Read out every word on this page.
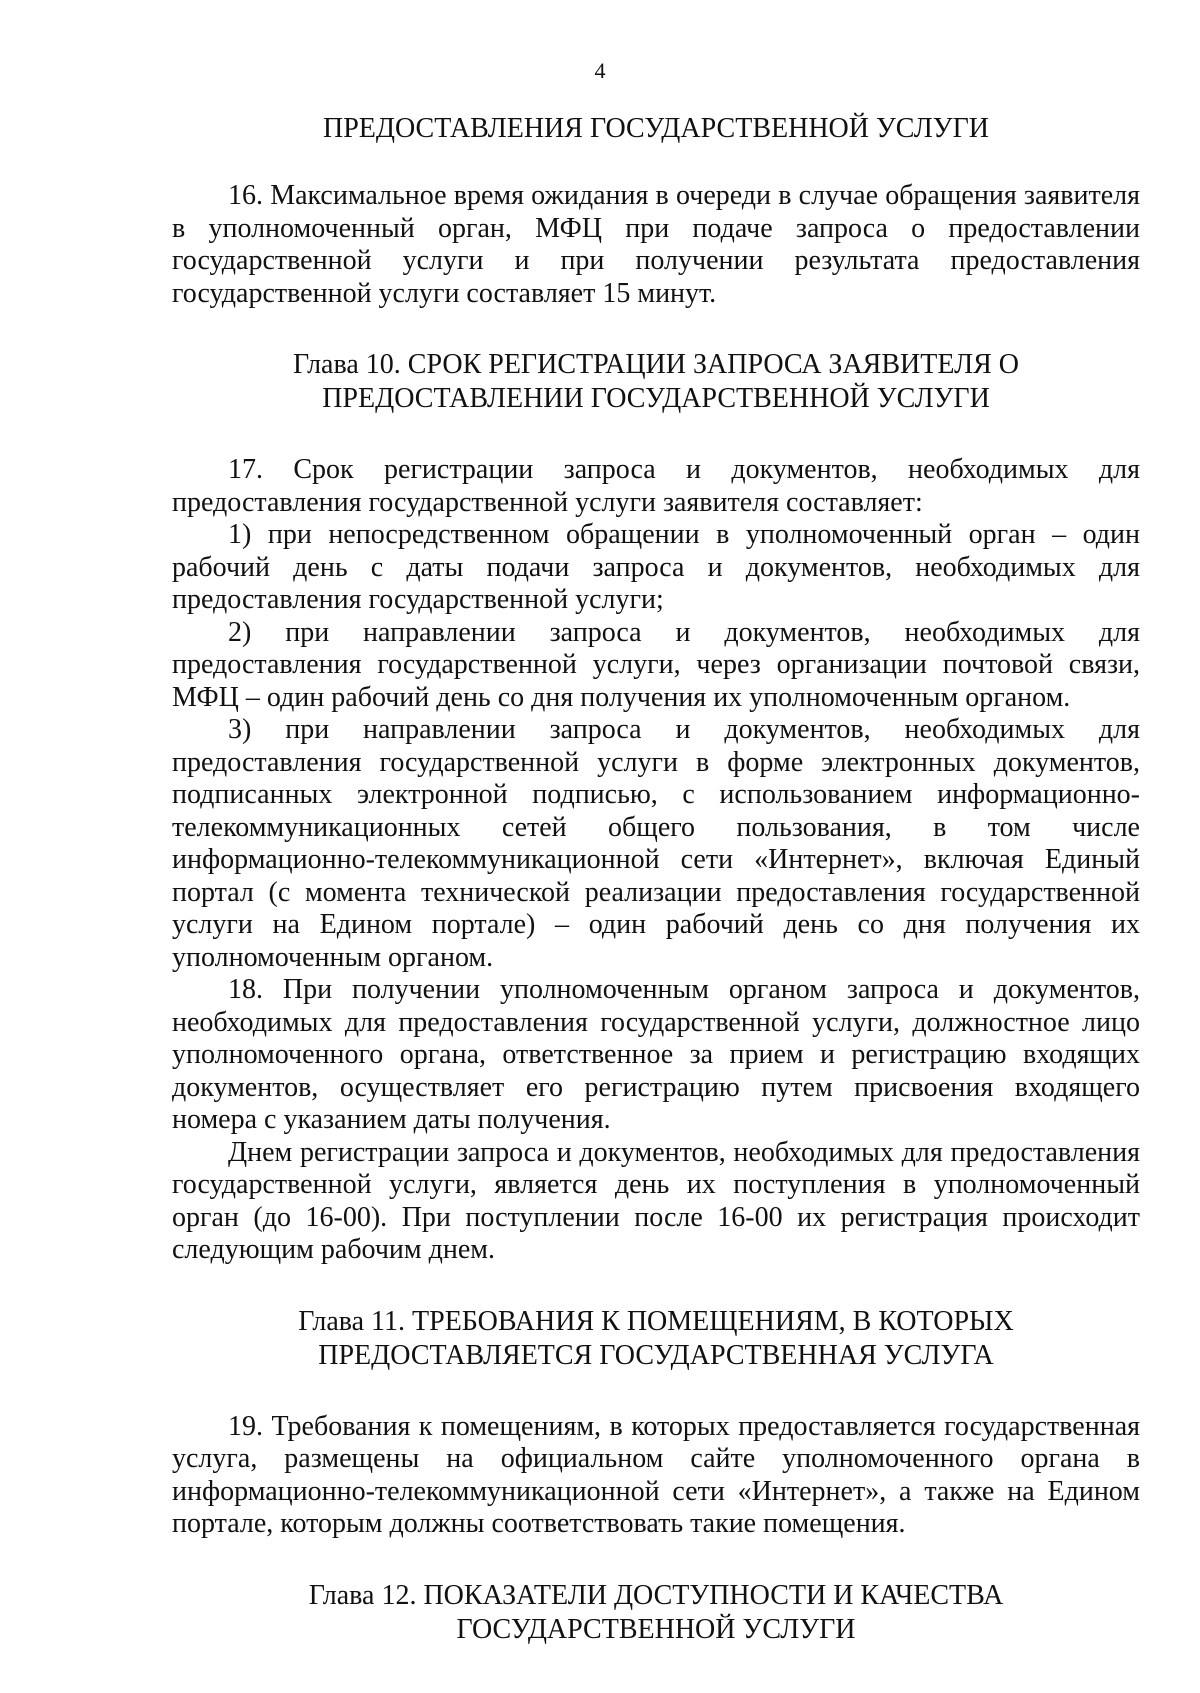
4
ПРЕДОСТАВЛЕНИЯ ГОСУДАРСТВЕННОЙ УСЛУГИ

16. Максимальное время ожидания в очереди в случае обращения заявителя в уполномоченный орган, МФЦ при подаче запроса о предоставлении государственной услуги и при получении результата предоставления государственной услуги составляет 15 минут.

Глава 10. СРОК РЕГИСТРАЦИИ ЗАПРОСА ЗАЯВИТЕЛЯ О
ПРЕДОСТАВЛЕНИИ ГОСУДАРСТВЕННОЙ УСЛУГИ

17. Срок регистрации запроса и документов, необходимых для предоставления государственной услуги заявителя составляет:

1) при непосредственном обращении в уполномоченный орган – один рабочий день с даты подачи запроса и документов, необходимых для предоставления государственной услуги;

2) при направлении запроса и документов, необходимых для предоставления государственной услуги, через организации почтовой связи, МФЦ – один рабочий день со дня получения их уполномоченным органом.

3) при направлении запроса и документов, необходимых для предоставления государственной услуги в форме электронных документов, подписанных электронной подписью, с использованием информационно-телекоммуникационных сетей общего пользования, в том числе информационно-телекоммуникационной сети «Интернет», включая Единый портал (с момента технической реализации предоставления государственной услуги на Едином портале) – один рабочий день со дня получения их уполномоченным органом.

18. При получении уполномоченным органом запроса и документов, необходимых для предоставления государственной услуги, должностное лицо уполномоченного органа, ответственное за прием и регистрацию входящих документов, осуществляет его регистрацию путем присвоения входящего номера с указанием даты получения.

Днем регистрации запроса и документов, необходимых для предоставления государственной услуги, является день их поступления в уполномоченный орган (до 16-00). При поступлении после 16-00 их регистрация происходит следующим рабочим днем.

Глава 11. ТРЕБОВАНИЯ К ПОМЕЩЕНИЯМ, В КОТОРЫХ
ПРЕДОСТАВЛЯЕТСЯ ГОСУДАРСТВЕННАЯ УСЛУГА

19. Требования к помещениям, в которых предоставляется государственная услуга, размещены на официальном сайте уполномоченного органа в информационно-телекоммуникационной сети «Интернет», а также на Едином портале, которым должны соответствовать такие помещения.

Глава 12. ПОКАЗАТЕЛИ ДОСТУПНОСТИ И КАЧЕСТВА
ГОСУДАРСТВЕННОЙ УСЛУГИ
